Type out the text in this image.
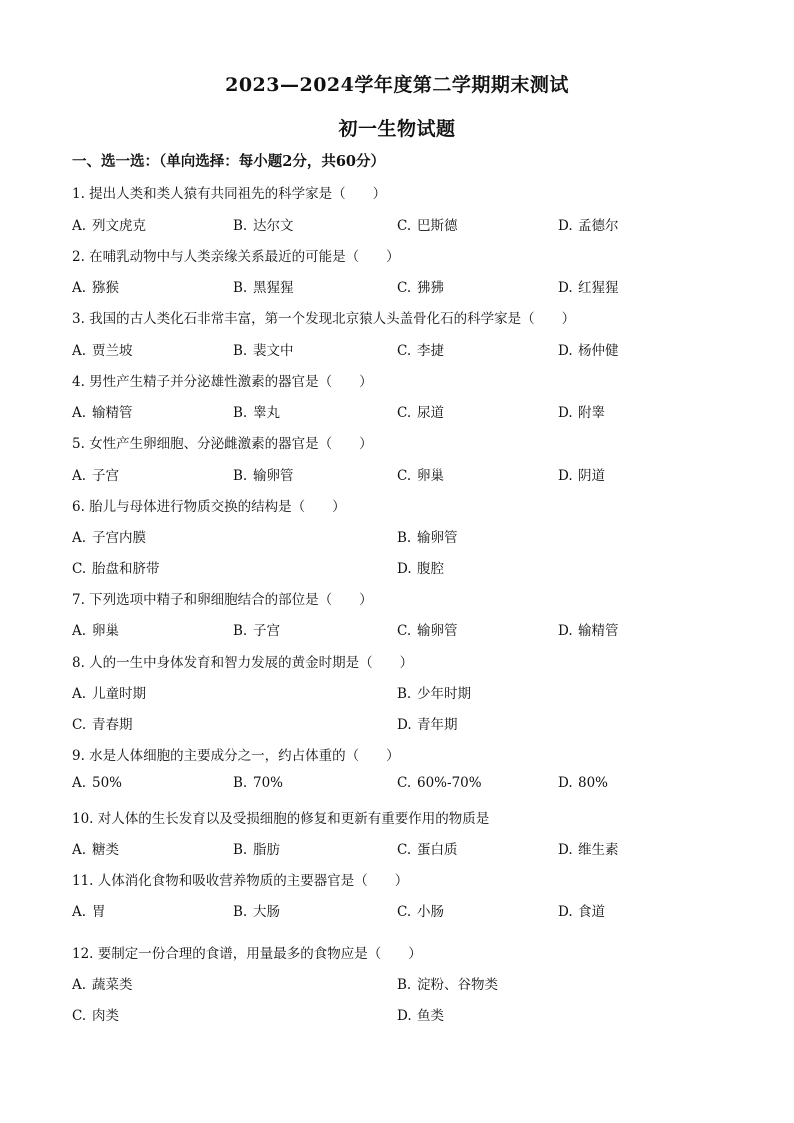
2023—2024学年度第二学期期末测试
初一生物试题
一、选一选：（单向选择：每小题2分，共60分）
1. 提出人类和类人猿有共同祖先的科学家是（　　）
A. 列文虎克	B. 达尔文	C. 巴斯德	D. 孟德尔
2. 在哺乳动物中与人类亲缘关系最近的可能是（　　）
A. 猕猴	B. 黑猩猩	C. 狒狒	D. 红猩猩
3. 我国的古人类化石非常丰富，第一个发现北京猿人头盖骨化石的科学家是（　　）
A. 贾兰坡	B. 裴文中	C. 李捷	D. 杨仲健
4. 男性产生精子并分泌雄性激素的器官是（　　）
A. 输精管	B. 睾丸	C. 尿道	D. 附睾
5. 女性产生卵细胞、分泌雌激素的器官是（　　）
A. 子宫	B. 输卵管	C. 卵巢	D. 阴道
6. 胎儿与母体进行物质交换的结构是（　　）
A. 子宫内膜	B. 输卵管
C. 胎盘和脐带	D. 腹腔
7. 下列选项中精子和卵细胞结合的部位是（　　）
A. 卵巢	B. 子宫	C. 输卵管	D. 输精管
8. 人的一生中身体发育和智力发展的黄金时期是（　　）
A. 儿童时期	B. 少年时期
C. 青春期	D. 青年期
9. 水是人体细胞的主要成分之一，约占体重的（　　）
A. 50%	B. 70%	C. 60%-70%	D. 80%
10. 对人体的生长发育以及受损细胞的修复和更新有重要作用的物质是
A. 糖类	B. 脂肪	C. 蛋白质	D. 维生素
11. 人体消化食物和吸收营养物质的主要器官是（　　）
A. 胃	B. 大肠	C. 小肠	D. 食道
12. 要制定一份合理的食谱，用量最多的食物应是（　　）
A. 蔬菜类	B. 淀粉、谷物类
C. 肉类	D. 鱼类
